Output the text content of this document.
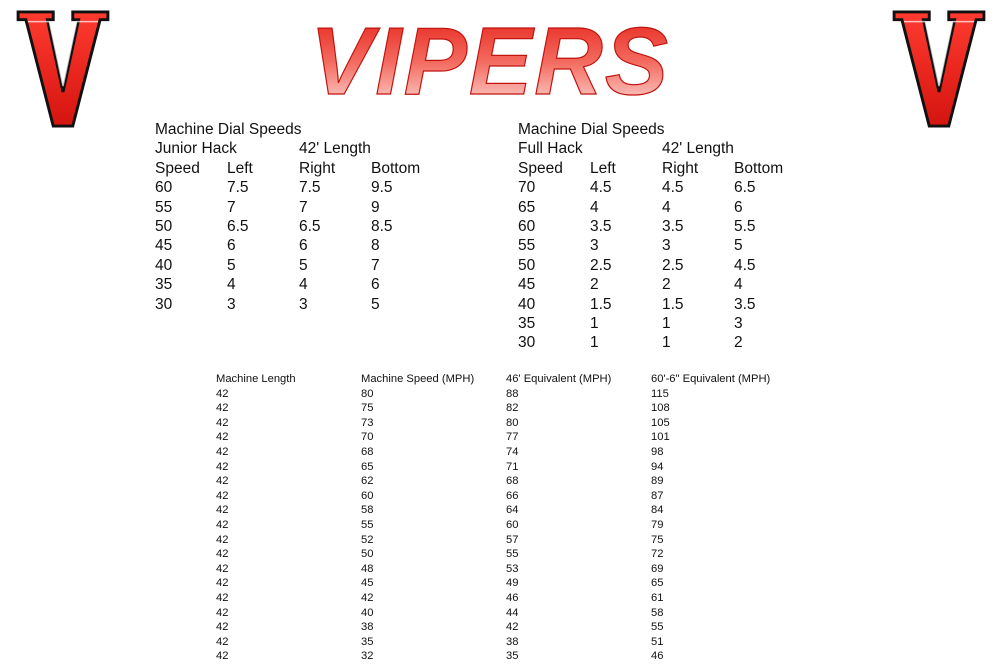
VIPERS
Machine Dial Speeds
Junior Hack	42' Length
Speed	Left	Right	Bottom
60	7.5	7.5	9.5
55	7	7	9
50	6.5	6.5	8.5
45	6	6	8
40	5	5	7
35	4	4	6
30	3	3	5
Machine Dial Speeds
Full Hack	42' Length
Speed	Left	Right	Bottom
70	4.5	4.5	6.5
65	4	4	6
60	3.5	3.5	5.5
55	3	3	5
50	2.5	2.5	4.5
45	2	2	4
40	1.5	1.5	3.5
35	1	1	3
30	1	1	2
Machine Length	Machine Speed (MPH)	46' Equivalent (MPH)	60'-6" Equivalent (MPH)
42	80	88	115
42	75	82	108
42	73	80	105
42	70	77	101
42	68	74	98
42	65	71	94
42	62	68	89
42	60	66	87
42	58	64	84
42	55	60	79
42	52	57	75
42	50	55	72
42	48	53	69
42	45	49	65
42	42	46	61
42	40	44	58
42	38	42	55
42	35	38	51
42	32	35	46
